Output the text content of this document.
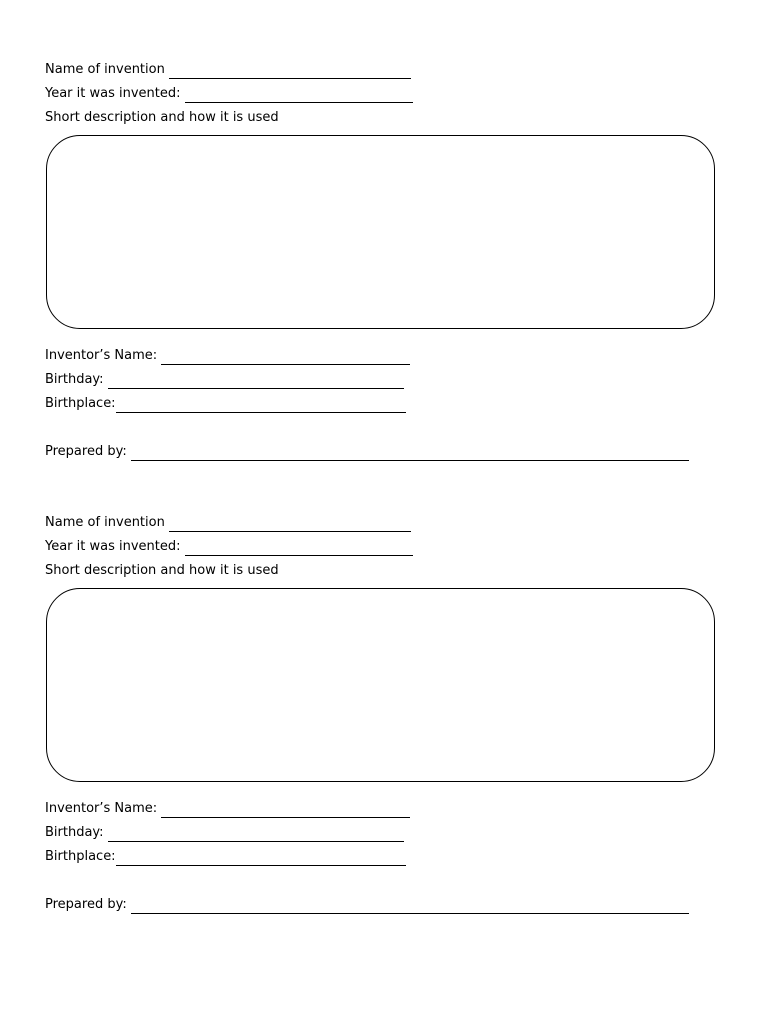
Name of invention
Year it was invented:
Short description and how it is used
Inventor’s Name:
Birthday:
Birthplace:
Prepared by:
Name of invention
Year it was invented:
Short description and how it is used
Inventor’s Name:
Birthday:
Birthplace:
Prepared by:
